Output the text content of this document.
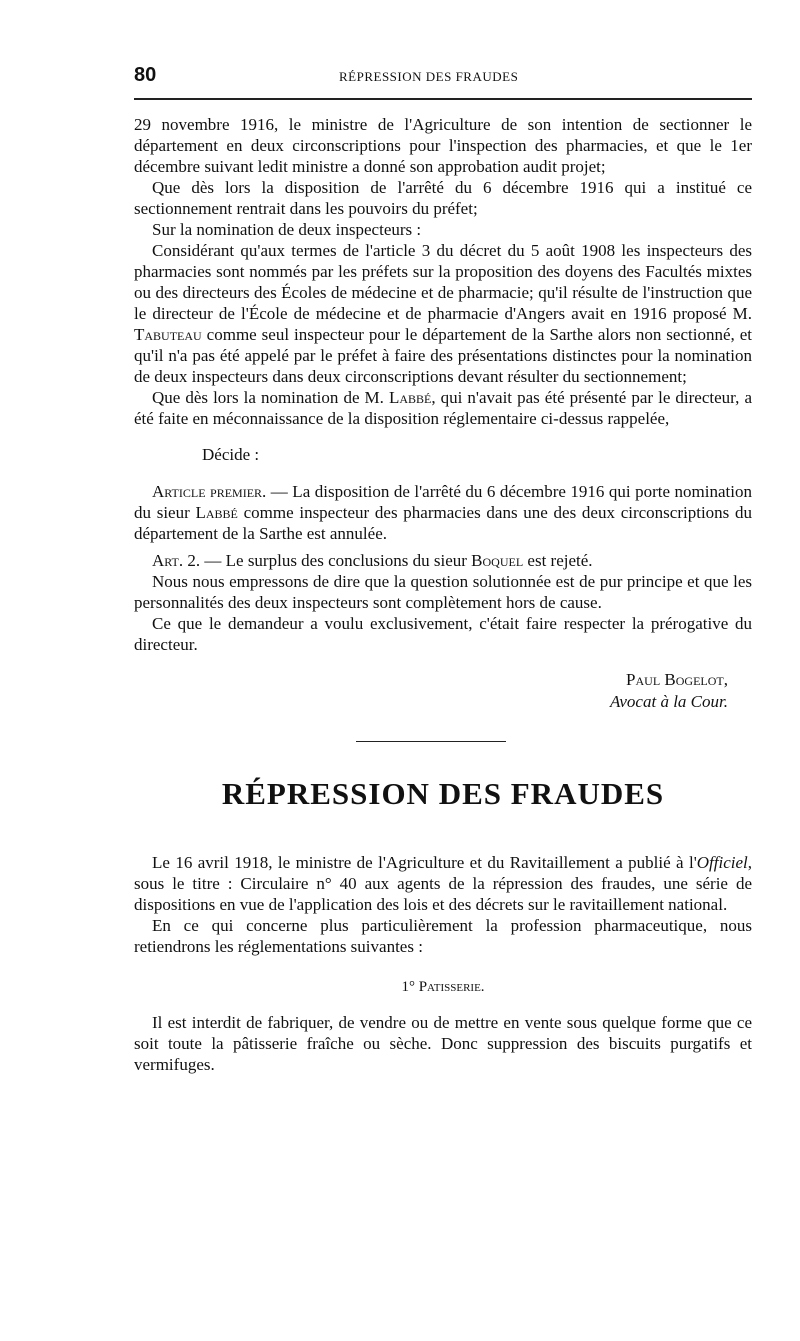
80	RÉPRESSION DES FRAUDES

29 novembre 1916, le ministre de l'Agriculture de son intention de sectionner le département en deux circonscriptions pour l'inspection des pharmacies, et que le 1er décembre suivant ledit ministre a donné son approbation audit projet;

Que dès lors la disposition de l'arrêté du 6 décembre 1916 qui a institué ce sectionnement rentrait dans les pouvoirs du préfet;

Sur la nomination de deux inspecteurs :

Considérant qu'aux termes de l'article 3 du décret du 5 août 1908 les inspecteurs des pharmacies sont nommés par les préfets sur la proposition des doyens des Facultés mixtes ou des directeurs des Écoles de médecine et de pharmacie; qu'il résulte de l'instruction que le directeur de l'École de médecine et de pharmacie d'Angers avait en 1916 proposé M. Tabuteau comme seul inspecteur pour le département de la Sarthe alors non sectionné, et qu'il n'a pas été appelé par le préfet à faire des présentations distinctes pour la nomination de deux inspecteurs dans deux circonscriptions devant résulter du sectionnement;

Que dès lors la nomination de M. Labbé, qui n'avait pas été présenté par le directeur, a été faite en méconnaissance de la disposition réglementaire ci-dessus rappelée,

Décide :

Article premier. — La disposition de l'arrêté du 6 décembre 1916 qui porte nomination du sieur Labbé comme inspecteur des pharmacies dans une des deux circonscriptions du département de la Sarthe est annulée.

Art. 2. — Le surplus des conclusions du sieur Boquel est rejeté.

Nous nous empressons de dire que la question solutionnée est de pur principe et que les personnalités des deux inspecteurs sont complètement hors de cause.

Ce que le demandeur a voulu exclusivement, c'était faire respecter la prérogative du directeur.

Paul Bogelot,
Avocat à la Cour.
RÉPRESSION DES FRAUDES

Le 16 avril 1918, le ministre de l'Agriculture et du Ravitaillement a publié à l'Officiel, sous le titre : Circulaire n° 40 aux agents de la répression des fraudes, une série de dispositions en vue de l'application des lois et des décrets sur le ravitaillement national.

En ce qui concerne plus particulièrement la profession pharmaceutique, nous retiendrons les réglementations suivantes :

1° Patisserie.

Il est interdit de fabriquer, de vendre ou de mettre en vente sous quelque forme que ce soit toute la pâtisserie fraîche ou sèche. Donc suppression des biscuits purgatifs et vermifuges.
